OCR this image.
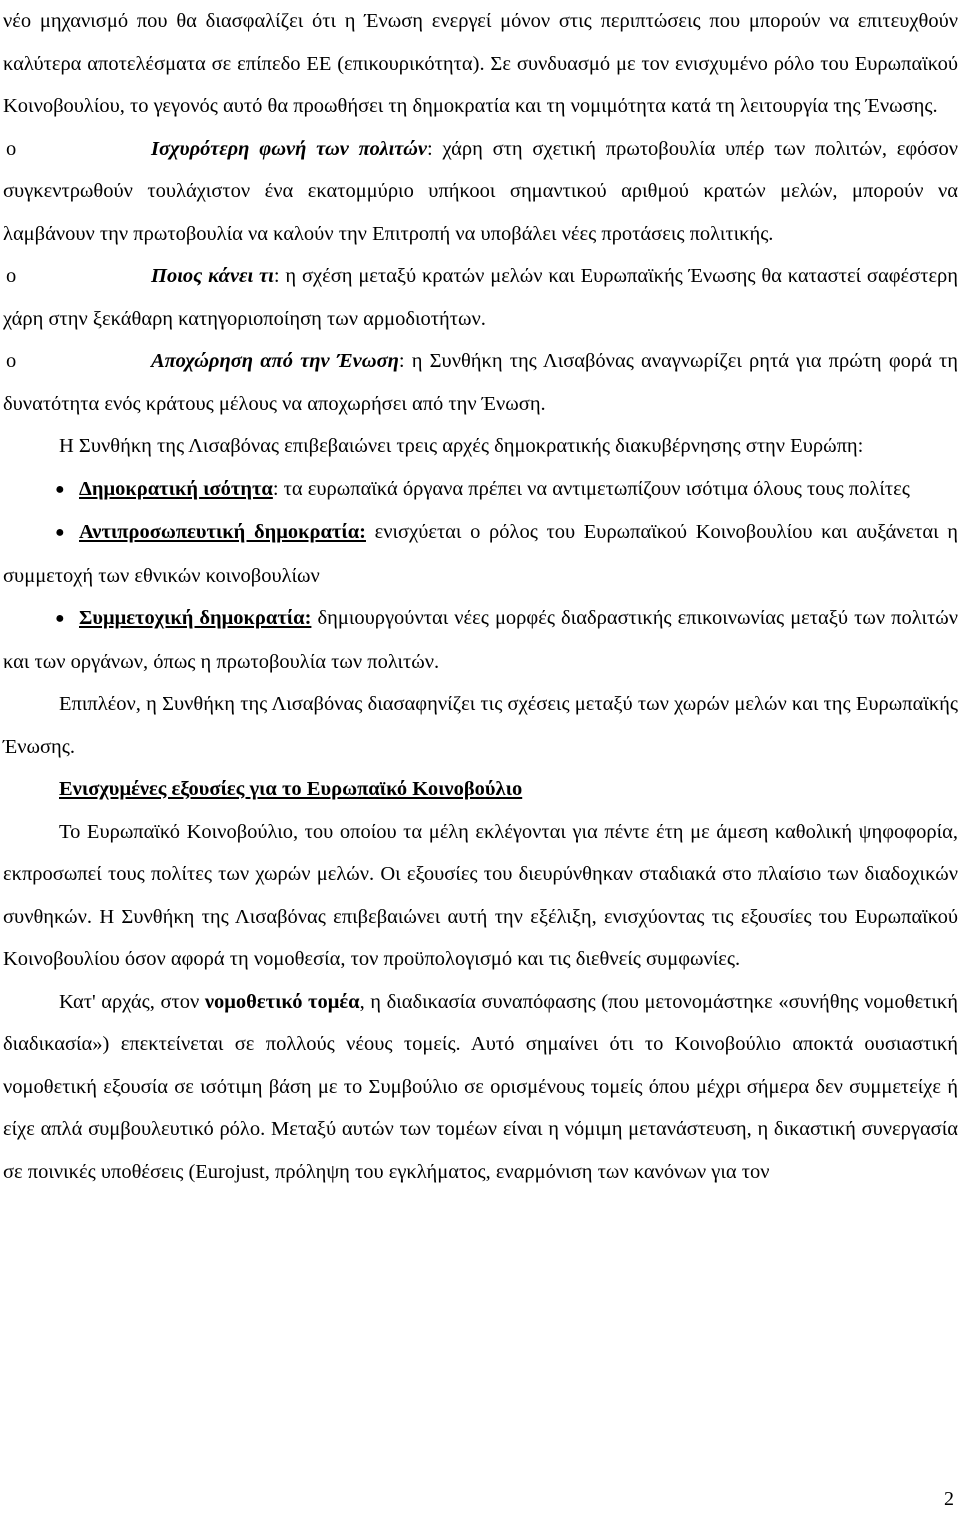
νέο μηχανισμό που θα διασφαλίζει ότι η Ένωση ενεργεί μόνον στις περιπτώσεις που μπορούν να επιτευχθούν καλύτερα αποτελέσματα σε επίπεδο ΕΕ (επικουρικότητα). Σε συνδυασμό με τον ενισχυμένο ρόλο του Ευρωπαϊκού Κοινοβουλίου, το γεγονός αυτό θα προωθήσει τη δημοκρατία και τη νομιμότητα κατά τη λειτουργία της Ένωσης.

o	Ισχυρότερη φωνή των πολιτών: χάρη στη σχετική πρωτοβουλία υπέρ των πολιτών, εφόσον συγκεντρωθούν τουλάχιστον ένα εκατομμύριο υπήκοοι σημαντικού αριθμού κρατών μελών, μπορούν να λαμβάνουν την πρωτοβουλία να καλούν την Επιτροπή να υποβάλει νέες προτάσεις πολιτικής.

o	Ποιος κάνει τι: η σχέση μεταξύ κρατών μελών και Ευρωπαϊκής Ένωσης θα καταστεί σαφέστερη χάρη στην ξεκάθαρη κατηγοριοποίηση των αρμοδιοτήτων.

o	Αποχώρηση από την Ένωση: η Συνθήκη της Λισαβόνας αναγνωρίζει ρητά για πρώτη φορά τη δυνατότητα ενός κράτους μέλους να αποχωρήσει από την Ένωση.

Η Συνθήκη της Λισαβόνας επιβεβαιώνει τρεις αρχές δημοκρατικής διακυβέρνησης στην Ευρώπη:

● Δημοκρατική ισότητα: τα ευρωπαϊκά όργανα πρέπει να αντιμετωπίζουν ισότιμα όλους τους πολίτες

● Αντιπροσωπευτική δημοκρατία: ενισχύεται ο ρόλος του Ευρωπαϊκού Κοινοβουλίου και αυξάνεται η συμμετοχή των εθνικών κοινοβουλίων

● Συμμετοχική δημοκρατία: δημιουργούνται νέες μορφές διαδραστικής επικοινωνίας μεταξύ των πολιτών και των οργάνων, όπως η πρωτοβουλία των πολιτών.

Επιπλέον, η Συνθήκη της Λισαβόνας διασαφηνίζει τις σχέσεις μεταξύ των χωρών μελών και της Ευρωπαϊκής Ένωσης.

Ενισχυμένες εξουσίες για το Ευρωπαϊκό Κοινοβούλιο

Το Ευρωπαϊκό Κοινοβούλιο, του οποίου τα μέλη εκλέγονται για πέντε έτη με άμεση καθολική ψηφοφορία, εκπροσωπεί τους πολίτες των χωρών μελών. Οι εξουσίες του διευρύνθηκαν σταδιακά στο πλαίσιο των διαδοχικών συνθηκών. Η Συνθήκη της Λισαβόνας επιβεβαιώνει αυτή την εξέλιξη, ενισχύοντας τις εξουσίες του Ευρωπαϊκού Κοινοβουλίου όσον αφορά τη νομοθεσία, τον προϋπολογισμό και τις διεθνείς συμφωνίες.

Κατ' αρχάς, στον νομοθετικό τομέα, η διαδικασία συναπόφασης (που μετονομάστηκε «συνήθης νομοθετική διαδικασία») επεκτείνεται σε πολλούς νέους τομείς. Αυτό σημαίνει ότι το Κοινοβούλιο αποκτά ουσιαστική νομοθετική εξουσία σε ισότιμη βάση με το Συμβούλιο σε ορισμένους τομείς όπου μέχρι σήμερα δεν συμμετείχε ή είχε απλά συμβουλευτικό ρόλο. Μεταξύ αυτών των τομέων είναι η νόμιμη μετανάστευση, η δικαστική συνεργασία σε ποινικές υποθέσεις (Eurojust, πρόληψη του εγκλήματος, εναρμόνιση των κανόνων για τον

2
